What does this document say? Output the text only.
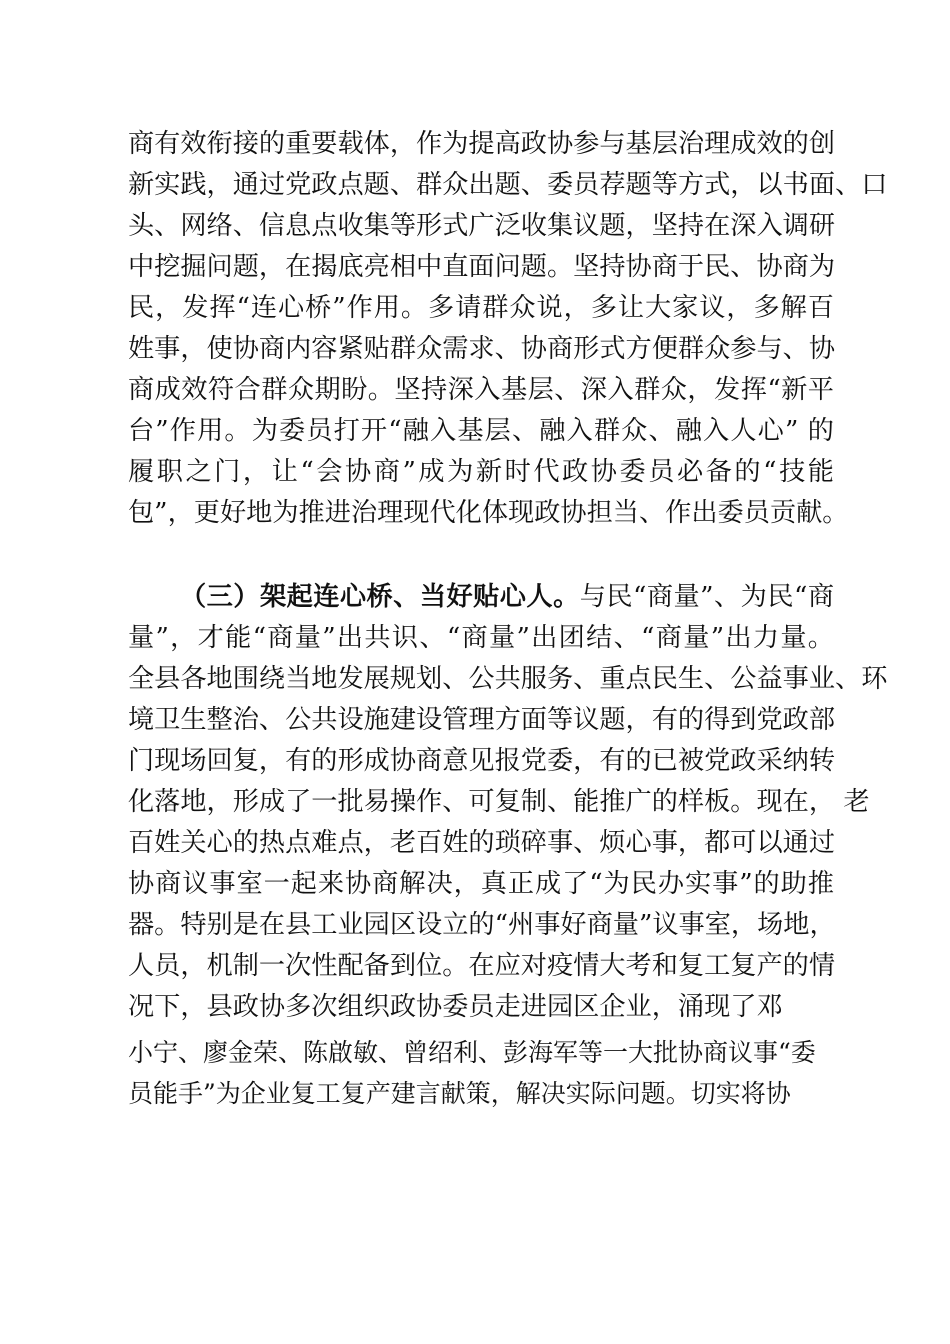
商有效衔接的重要载体，作为提高政协参与基层治理成效的创
新实践，通过党政点题、群众出题、委员荐题等方式，以书面、口
头、网络、信息点收集等形式广泛收集议题，坚持在深入调研
中挖掘问题，在揭底亮相中直面问题。坚持协商于民、协商为
民，发挥“连心桥”作用。多请群众说，多让大家议，多解百
姓事，使协商内容紧贴群众需求、协商形式方便群众参与、协
商成效符合群众期盼。坚持深入基层、深入群众，发挥“新平
台”作用。为委员打开“融入基层、融入群众、融入人心” 的
履职之门，让“会协商”成为新时代政协委员必备的“技能
包”，更好地为推进治理现代化体现政协担当、作出委员贡献。
（三）架起连心桥、当好贴心人。与民“商量”、为民“商
量”，才能“商量”出共识、“商量”出团结、“商量”出力量。
全县各地围绕当地发展规划、公共服务、重点民生、公益事业、环
境卫生整治、公共设施建设管理方面等议题，有的得到党政部
门现场回复，有的形成协商意见报党委，有的已被党政采纳转
化落地，形成了一批易操作、可复制、能推广的样板。现在， 老
百姓关心的热点难点，老百姓的琐碎事、烦心事，都可以通过
协商议事室一起来协商解决，真正成了“为民办实事”的助推
器。特别是在县工业园区设立的“州事好商量”议事室，场地，
人员，机制一次性配备到位。在应对疫情大考和复工复产的情
况下，县政协多次组织政协委员走进园区企业，涌现了邓
小宁、廖金荣、陈啟敏、曾绍利、彭海军等一大批协商议事“委
员能手”为企业复工复产建言献策，解决实际问题。切实将协
